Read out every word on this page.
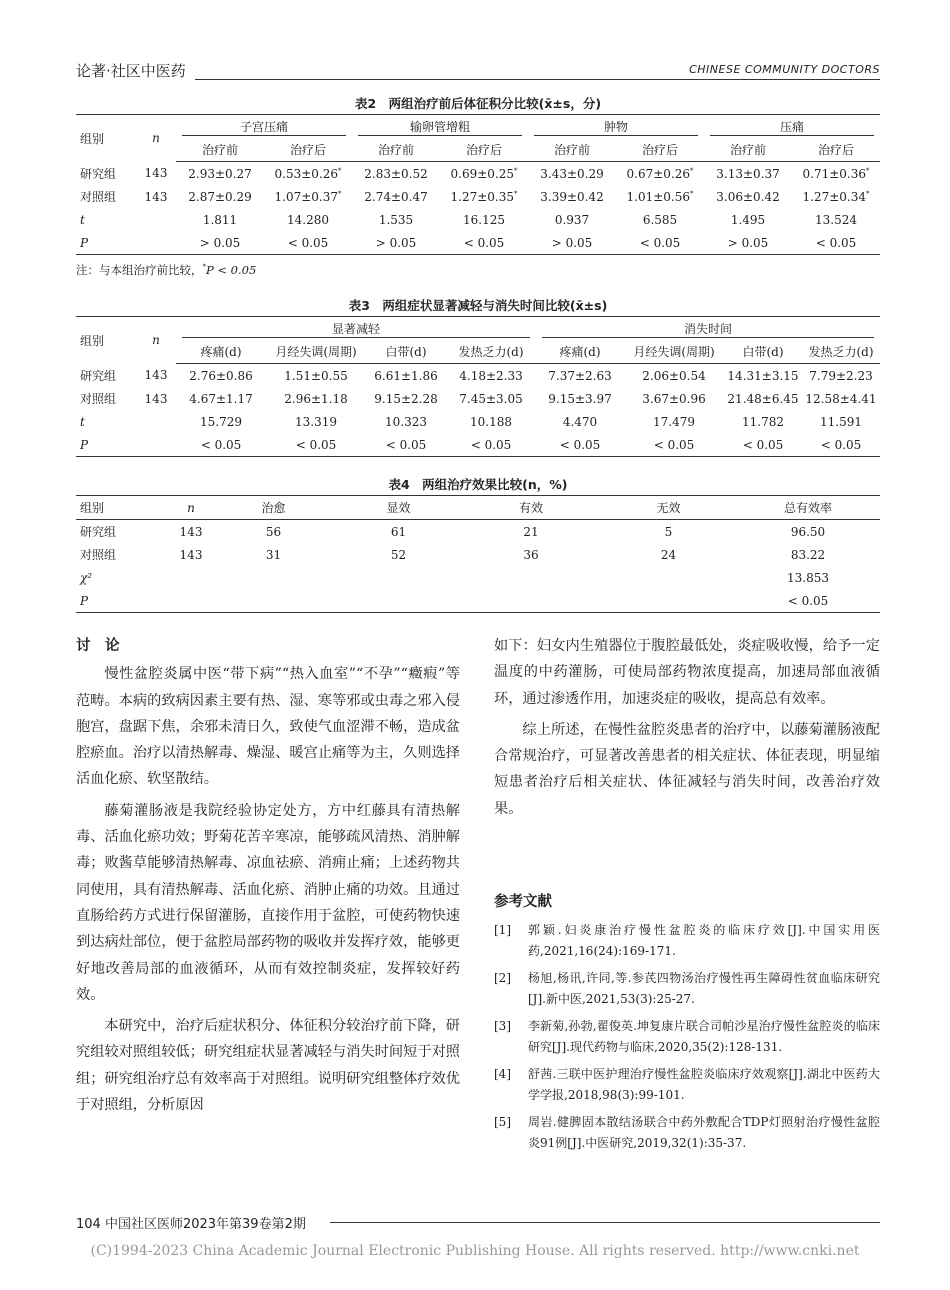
论著·社区中医药	CHINESE COMMUNITY DOCTORS
表2　两组治疗前后体征积分比较(x̄±s，分)
组别	n	子宫压痛		输卵管增粗		肿物		压痛	

		治疗前	治疗后	治疗前	治疗后	治疗前	治疗后	治疗前	治疗后
研究组	143	2.93±0.27	0.53±0.26*	2.83±0.52	0.69±0.25*	3.43±0.29	0.67±0.26*	3.13±0.37	0.71±0.36*
对照组	143	2.87±0.29	1.07±0.37*	2.74±0.47	1.27±0.35*	3.39±0.42	1.01±0.56*	3.06±0.42	1.27±0.34*
t		1.811	14.280	1.535	16.125	0.937	6.585	1.495	13.524
P		> 0.05	< 0.05	> 0.05	< 0.05	> 0.05	< 0.05	> 0.05	< 0.05
注：与本组治疗前比较，*P < 0.05
表3　两组症状显著减轻与消失时间比较(x̄±s)
组别	n	显著减轻				消失时间			

		疼痛(d)	月经失调(周期)	白带(d)	发热乏力(d)	疼痛(d)	月经失调(周期)	白带(d)	发热乏力(d)
研究组	143	2.76±0.86	1.51±0.55	6.61±1.86	4.18±2.33	7.37±2.63	2.06±0.54	14.31±3.15	7.79±2.23
对照组	143	4.67±1.17	2.96±1.18	9.15±2.28	7.45±3.05	9.15±3.97	3.67±0.96	21.48±6.45	12.58±4.41
t		15.729	13.319	10.323	10.188	4.470	17.479	11.782	11.591
P		< 0.05	< 0.05	< 0.05	< 0.05	< 0.05	< 0.05	< 0.05	< 0.05
表4　两组治疗效果比较(n，%)
组别	n	治愈	显效	有效	无效	总有效率
研究组	143	56	61	21	5	96.50
对照组	143	31	52	36	24	83.22
χ²						13.853
P						< 0.05
讨　论

慢性盆腔炎属中医“带下病”“热入血室”“不孕”“癥瘕”等范畴。本病的致病因素主要有热、湿、寒等邪或虫毒之邪入侵胞宫，盘踞下焦，余邪未清日久，致使气血涩滞不畅，造成盆腔瘀血。治疗以清热解毒、燥湿、暖宫止痛等为主，久则选择活血化瘀、软坚散结。

藤菊灌肠液是我院经验协定处方，方中红藤具有清热解毒、活血化瘀功效；野菊花苦辛寒凉，能够疏风清热、消肿解毒；败酱草能够清热解毒、凉血祛瘀、消痈止痛；上述药物共同使用，具有清热解毒、活血化瘀、消肿止痛的功效。且通过直肠给药方式进行保留灌肠，直接作用于盆腔，可使药物快速到达病灶部位，便于盆腔局部药物的吸收并发挥疗效，能够更好地改善局部的血液循环，从而有效控制炎症，发挥较好药效。

本研究中，治疗后症状积分、体征积分较治疗前下降，研究组较对照组较低；研究组症状显著减轻与消失时间短于对照组；研究组治疗总有效率高于对照组。说明研究组整体疗效优于对照组，分析原因

如下：妇女内生殖器位于腹腔最低处，炎症吸收慢，给予一定温度的中药灌肠，可使局部药物浓度提高，加速局部血液循环，通过渗透作用，加速炎症的吸收，提高总有效率。

综上所述，在慢性盆腔炎患者的治疗中，以藤菊灌肠液配合常规治疗，可显著改善患者的相关症状、体征表现，明显缩短患者治疗后相关症状、体征减轻与消失时间，改善治疗效果。

参考文献
[1] 郭颖.妇炎康治疗慢性盆腔炎的临床疗效[J].中国实用医药,2021,16(24):169-171.
[2] 杨旭,杨讯,许同,等.参芪四物汤治疗慢性再生障碍性贫血临床研究[J].新中医,2021,53(3):25-27.
[3] 李新菊,孙勃,翟俊英.坤复康片联合司帕沙星治疗慢性盆腔炎的临床研究[J].现代药物与临床,2020,35(2):128-131.
[4] 舒茜.三联中医护理治疗慢性盆腔炎临床疗效观察[J].湖北中医药大学学报,2018,98(3):99-101.
[5] 周岩.健脾固本散结汤联合中药外敷配合TDP灯照射治疗慢性盆腔炎91例[J].中医研究,2019,32(1):35-37.
104 中国社区医师2023年第39卷第2期
(C)1994-2023 China Academic Journal Electronic Publishing House. All rights reserved. http://www.cnki.net
